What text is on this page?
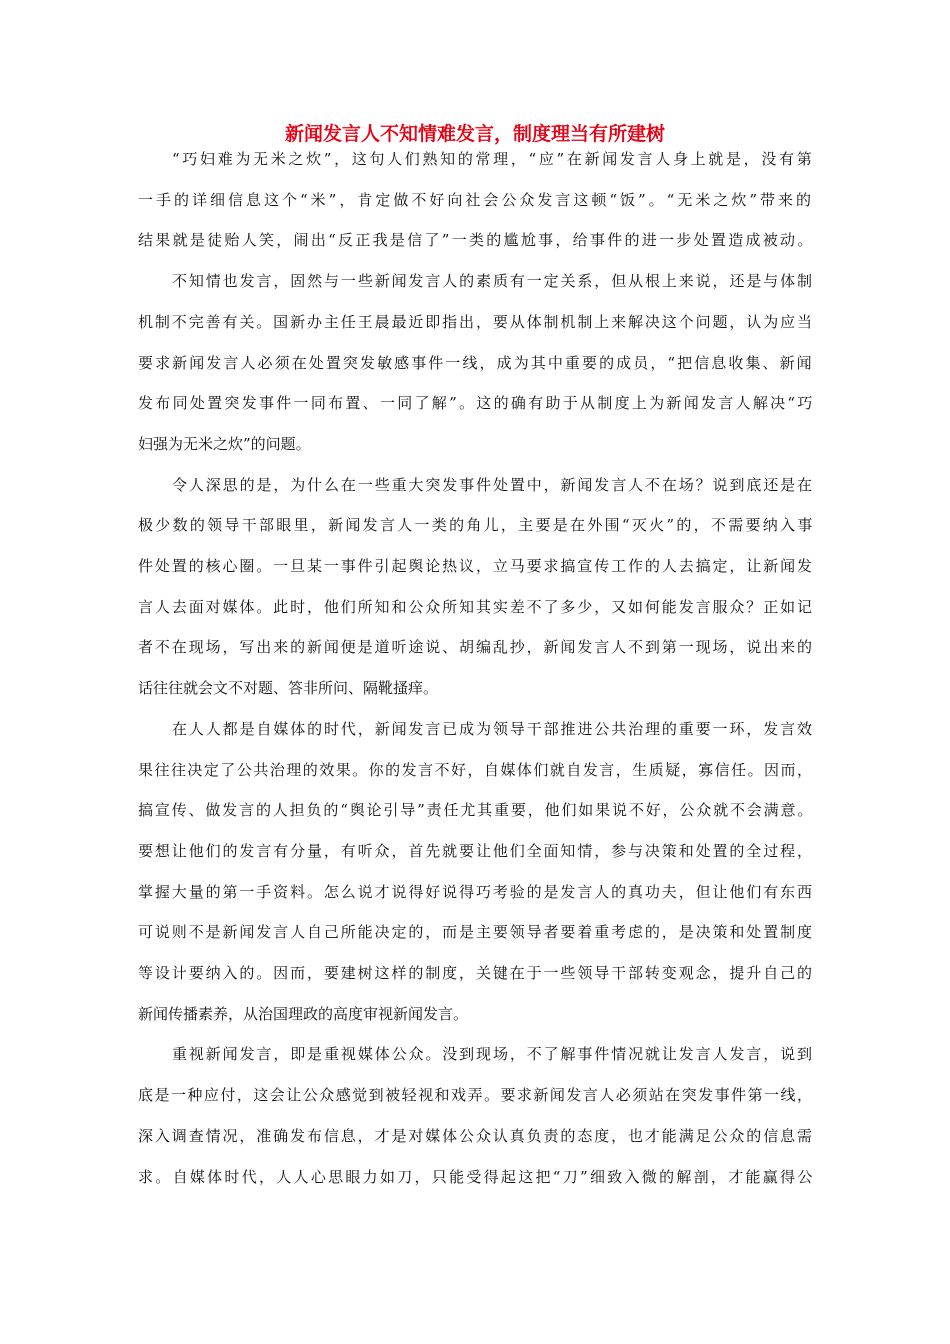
新闻发言人不知情难发言，制度理当有所建树
“巧妇难为无米之炊”，这句人们熟知的常理，“应”在新闻发言人身上就是，没有第
一手的详细信息这个“米”，肯定做不好向社会公众发言这顿“饭”。“无米之炊”带来的
结果就是徒贻人笑，闹出“反正我是信了”一类的尴尬事，给事件的进一步处置造成被动。
不知情也发言，固然与一些新闻发言人的素质有一定关系，但从根上来说，还是与体制
机制不完善有关。国新办主任王晨最近即指出，要从体制机制上来解决这个问题，认为应当
要求新闻发言人必须在处置突发敏感事件一线，成为其中重要的成员，“把信息收集、新闻
发布同处置突发事件一同布置、一同了解”。这的确有助于从制度上为新闻发言人解决“巧
妇强为无米之炊”的问题。
令人深思的是，为什么在一些重大突发事件处置中，新闻发言人不在场？说到底还是在
极少数的领导干部眼里，新闻发言人一类的角儿，主要是在外围“灭火”的，不需要纳入事
件处置的核心圈。一旦某一事件引起舆论热议，立马要求搞宣传工作的人去搞定，让新闻发
言人去面对媒体。此时，他们所知和公众所知其实差不了多少，又如何能发言服众？正如记
者不在现场，写出来的新闻便是道听途说、胡编乱抄，新闻发言人不到第一现场，说出来的
话往往就会文不对题、答非所问、隔靴搔痒。
在人人都是自媒体的时代，新闻发言已成为领导干部推进公共治理的重要一环，发言效
果往往决定了公共治理的效果。你的发言不好，自媒体们就自发言，生质疑，寡信任。因而，
搞宣传、做发言的人担负的“舆论引导”责任尤其重要，他们如果说不好，公众就不会满意。
要想让他们的发言有分量，有听众，首先就要让他们全面知情，参与决策和处置的全过程，
掌握大量的第一手资料。怎么说才说得好说得巧考验的是发言人的真功夫，但让他们有东西
可说则不是新闻发言人自己所能决定的，而是主要领导者要着重考虑的，是决策和处置制度
等设计要纳入的。因而，要建树这样的制度，关键在于一些领导干部转变观念，提升自己的
新闻传播素养，从治国理政的高度审视新闻发言。
重视新闻发言，即是重视媒体公众。没到现场，不了解事件情况就让发言人发言，说到
底是一种应付，这会让公众感觉到被轻视和戏弄。要求新闻发言人必须站在突发事件第一线，
深入调查情况，准确发布信息，才是对媒体公众认真负责的态度，也才能满足公众的信息需
求。自媒体时代，人人心思眼力如刀，只能受得起这把“刀”细致入微的解剖，才能赢得公
